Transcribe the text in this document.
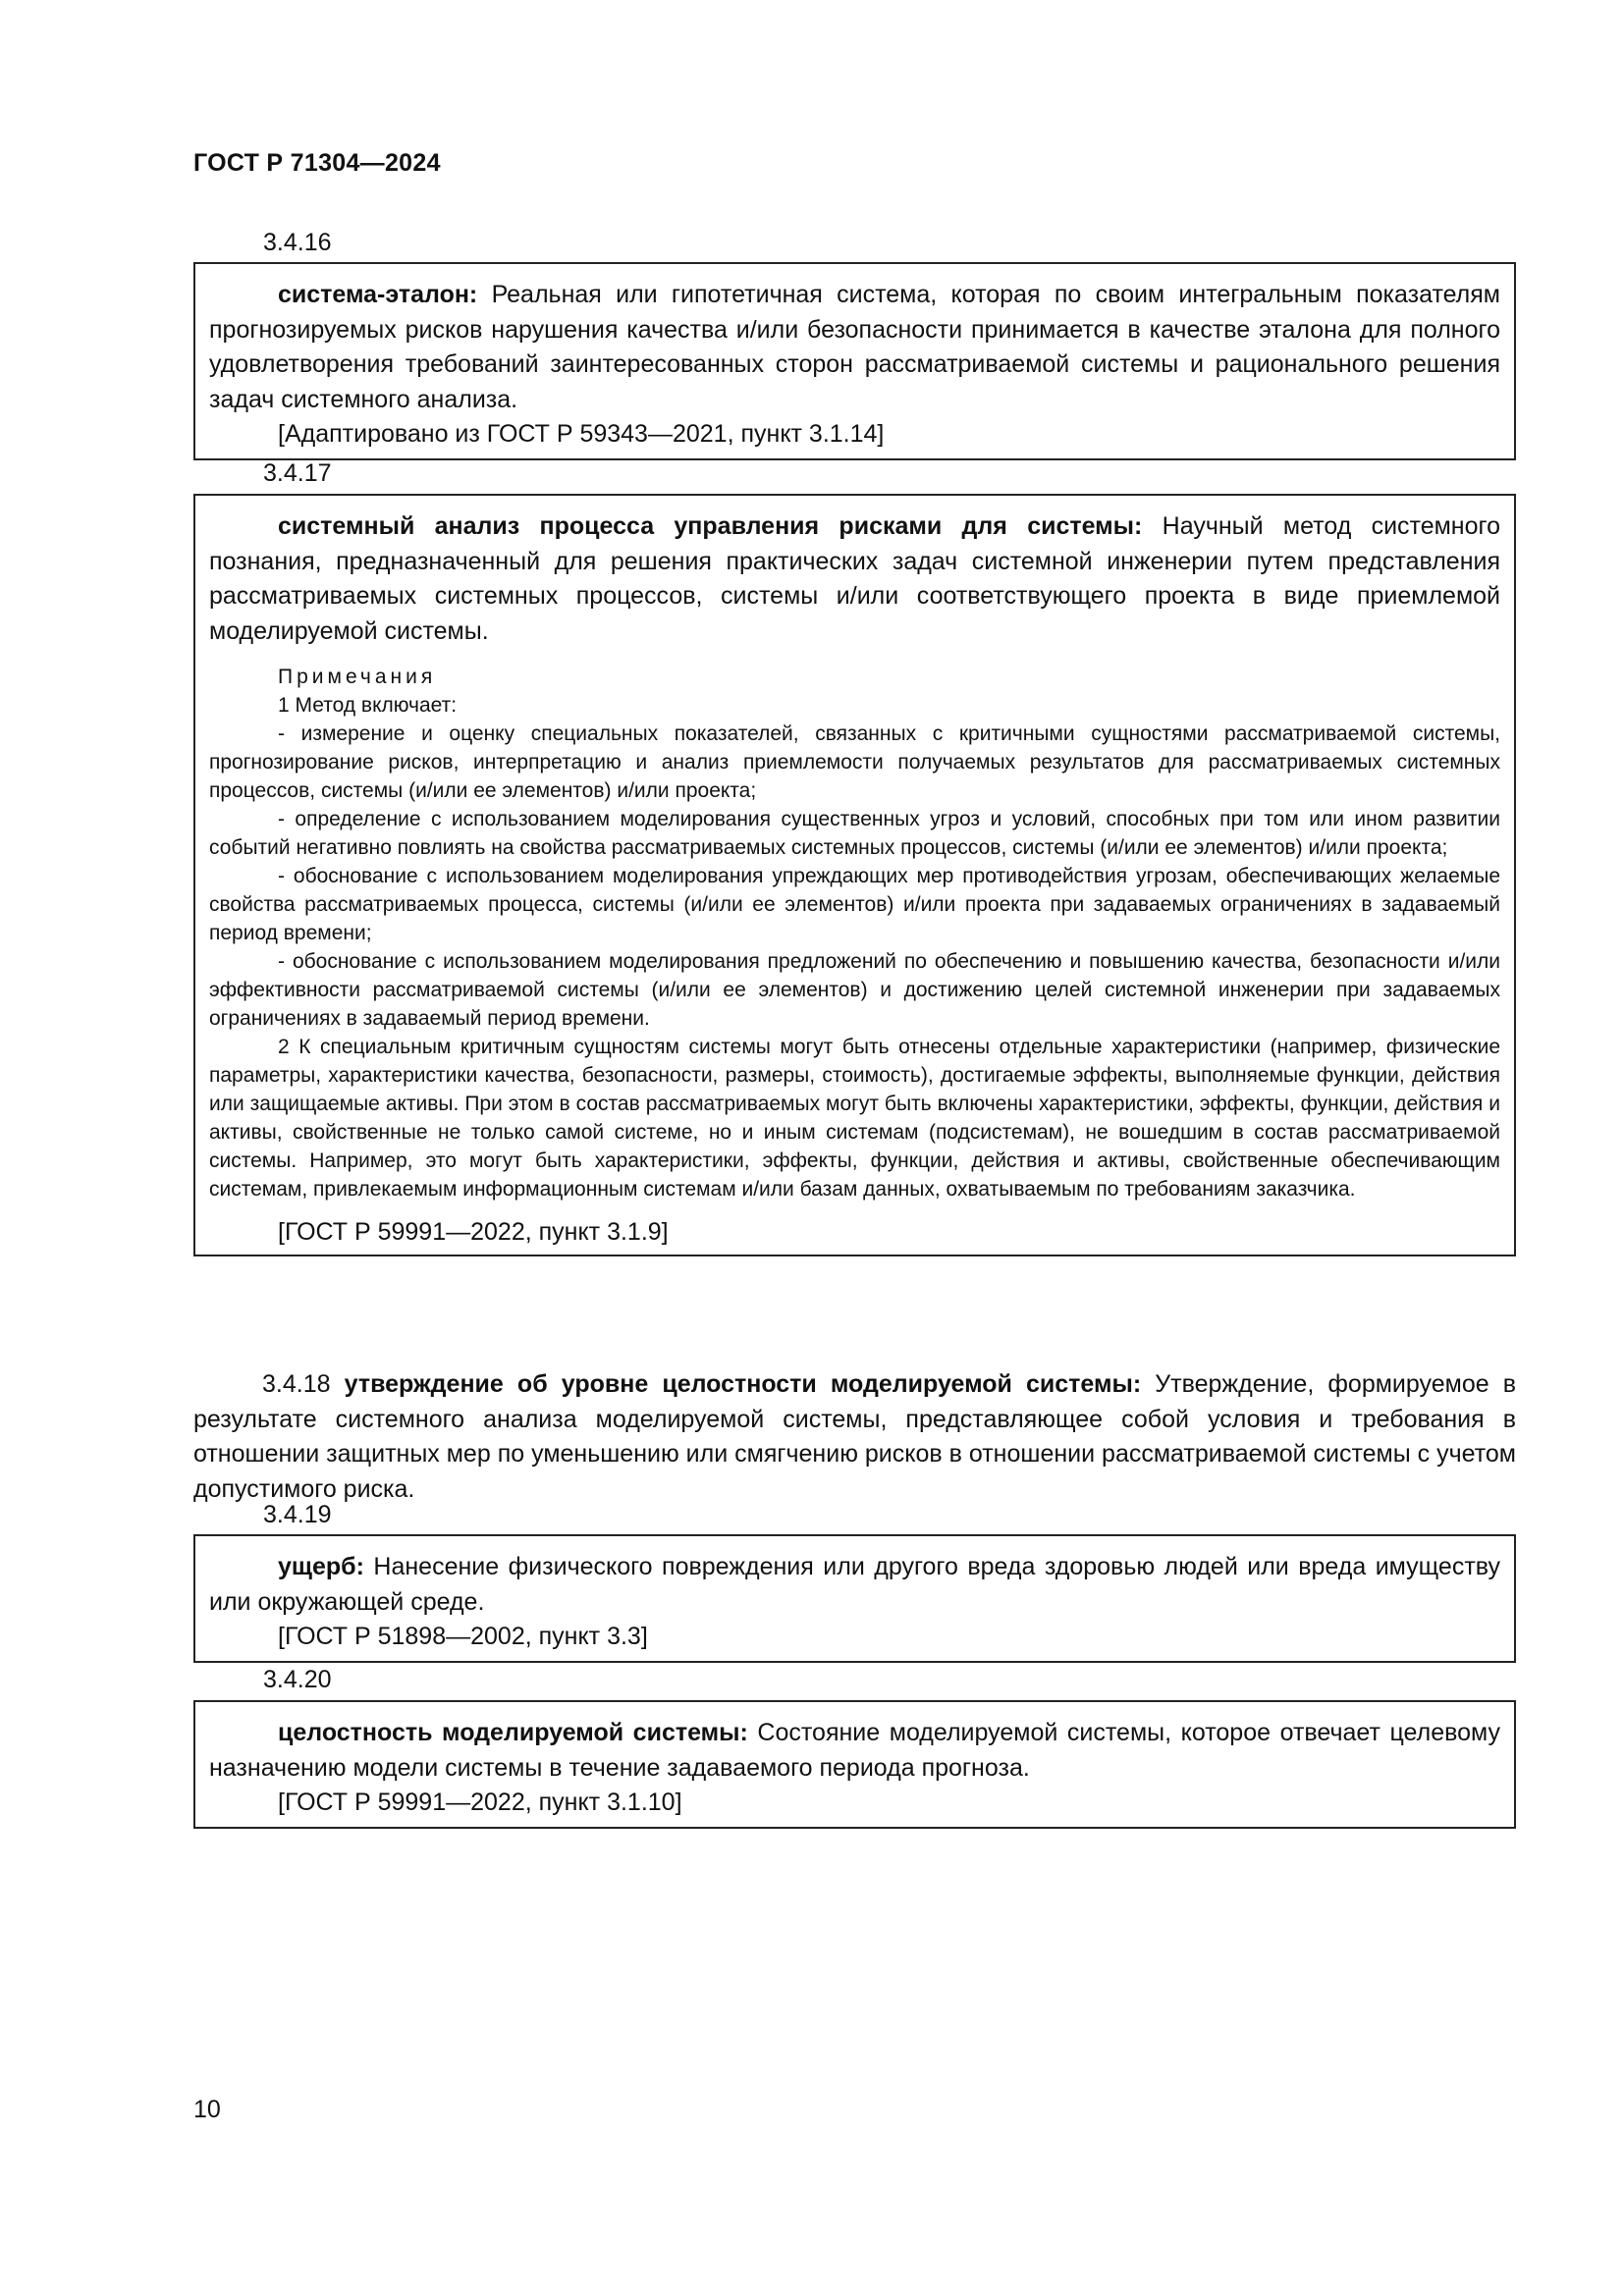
ГОСТ Р 71304—2024
3.4.16

система-эталон: Реальная или гипотетичная система, которая по своим интегральным показателям прогнозируемых рисков нарушения качества и/или безопасности принимается в качестве эталона для полного удовлетворения требований заинтересованных сторон рассматриваемой системы и рационального решения задач системного анализа.

[Адаптировано из ГОСТ Р 59343—2021, пункт 3.1.14]

3.4.17

системный анализ процесса управления рисками для системы: Научный метод системного познания, предназначенный для решения практических задач системной инженерии путем представления рассматриваемых системных процессов, системы и/или соответствующего проекта в виде приемлемой моделируемой системы.

Примечания

1 Метод включает:

- измерение и оценку специальных показателей, связанных с критичными сущностями рассматриваемой системы, прогнозирование рисков, интерпретацию и анализ приемлемости получаемых результатов для рассматриваемых системных процессов, системы (и/или ее элементов) и/или проекта;

- определение с использованием моделирования существенных угроз и условий, способных при том или ином развитии событий негативно повлиять на свойства рассматриваемых системных процессов, системы (и/или ее элементов) и/или проекта;

- обоснование с использованием моделирования упреждающих мер противодействия угрозам, обеспечивающих желаемые свойства рассматриваемых процесса, системы (и/или ее элементов) и/или проекта при задаваемых ограничениях в задаваемый период времени;

- обоснование с использованием моделирования предложений по обеспечению и повышению качества, безопасности и/или эффективности рассматриваемой системы (и/или ее элементов) и достижению целей системной инженерии при задаваемых ограничениях в задаваемый период времени.

2 К специальным критичным сущностям системы могут быть отнесены отдельные характеристики (например, физические параметры, характеристики качества, безопасности, размеры, стоимость), достигаемые эффекты, выполняемые функции, действия или защищаемые активы. При этом в состав рассматриваемых могут быть включены характеристики, эффекты, функции, действия и активы, свойственные не только самой системе, но и иным системам (подсистемам), не вошедшим в состав рассматриваемой системы. Например, это могут быть характеристики, эффекты, функции, действия и активы, свойственные обеспечивающим системам, привлекаемым информационным системам и/или базам данных, охватываемым по требованиям заказчика.

[ГОСТ Р 59991—2022, пункт 3.1.9]

3.4.18 утверждение об уровне целостности моделируемой системы: Утверждение, формируемое в результате системного анализа моделируемой системы, представляющее собой условия и требования в отношении защитных мер по уменьшению или смягчению рисков в отношении рассматриваемой системы с учетом допустимого риска.

3.4.19

ущерб: Нанесение физического повреждения или другого вреда здоровью людей или вреда имуществу или окружающей среде.

[ГОСТ Р 51898—2002, пункт 3.3]

3.4.20

целостность моделируемой системы: Состояние моделируемой системы, которое отвечает целевому назначению модели системы в течение задаваемого периода прогноза.

[ГОСТ Р 59991—2022, пункт 3.1.10]

10
